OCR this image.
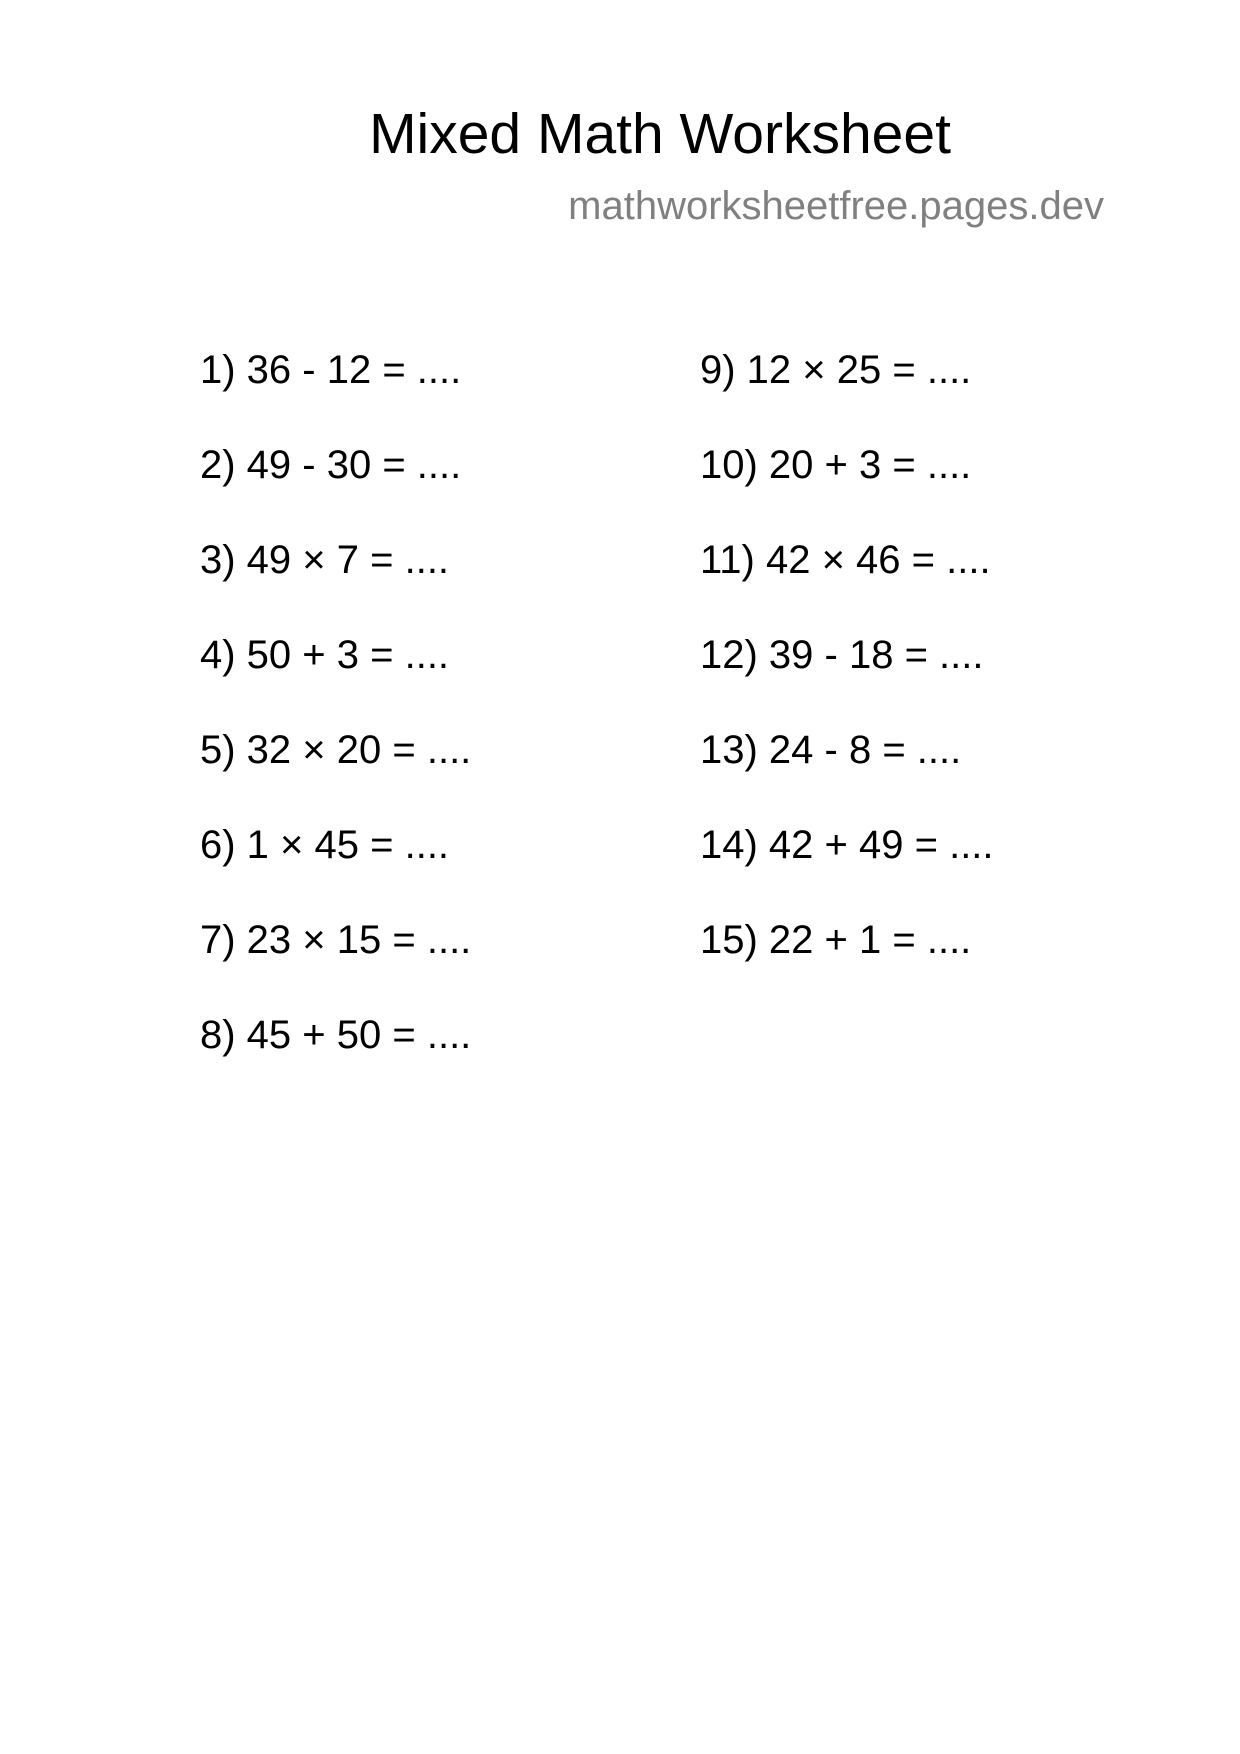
Mixed Math Worksheet
mathworksheetfree.pages.dev
1) 36 - 12 = ....
2) 49 - 30 = ....
3) 49 × 7 = ....
4) 50 + 3 = ....
5) 32 × 20 = ....
6) 1 × 45 = ....
7) 23 × 15 = ....
8) 45 + 50 = ....
9) 12 × 25 = ....
10) 20 + 3 = ....
11) 42 × 46 = ....
12) 39 - 18 = ....
13) 24 - 8 = ....
14) 42 + 49 = ....
15) 22 + 1 = ....
